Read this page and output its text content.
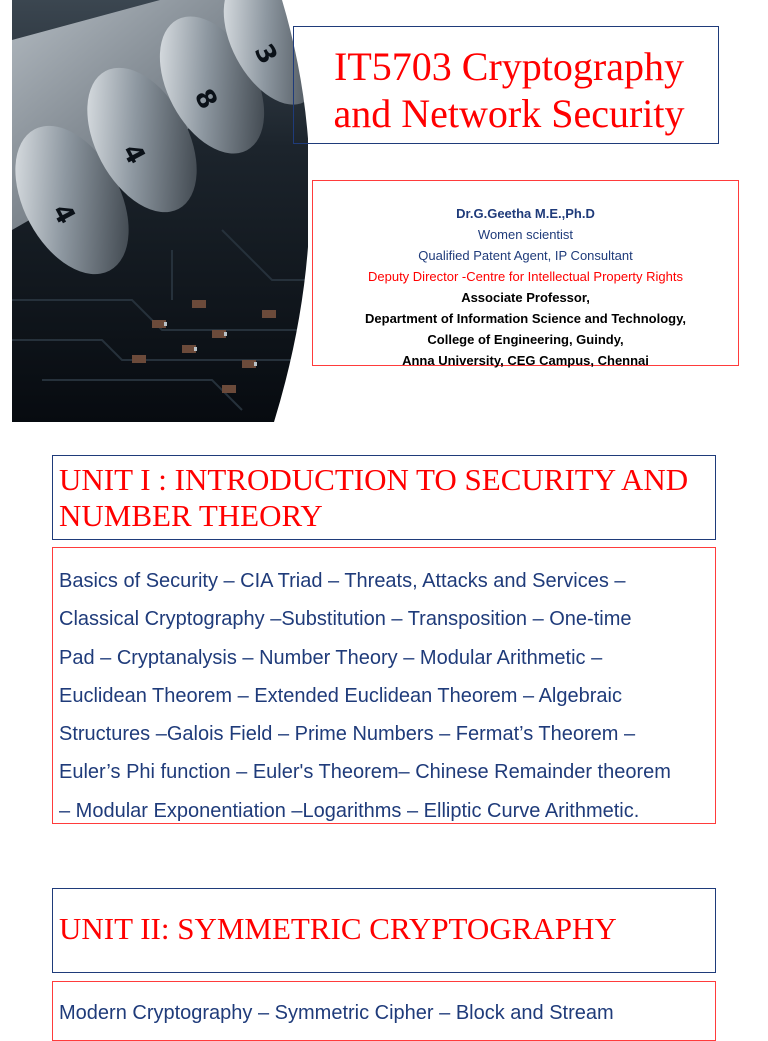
4
4
8
3	IT5703 Cryptography
and Network Security
Dr.G.Geetha M.E.,Ph.D
Women scientist
Qualified Patent Agent, IP Consultant
Deputy Director -Centre for Intellectual Property Rights
Associate Professor,
Department of Information Science and Technology,
College of Engineering, Guindy,
Anna University, CEG Campus, Chennai
UNIT I : INTRODUCTION TO SECURITY AND
NUMBER THEORY
Basics of Security – CIA Triad – Threats, Attacks and Services –
Classical Cryptography –Substitution – Transposition – One-time
Pad – Cryptanalysis – Number Theory – Modular Arithmetic –
Euclidean Theorem – Extended Euclidean Theorem – Algebraic
Structures –Galois Field – Prime Numbers – Fermat’s Theorem –
Euler’s Phi function – Euler's Theorem– Chinese Remainder theorem
– Modular Exponentiation –Logarithms – Elliptic Curve Arithmetic.
UNIT II: SYMMETRIC CRYPTOGRAPHY
Modern Cryptography – Symmetric Cipher – Block and Stream
